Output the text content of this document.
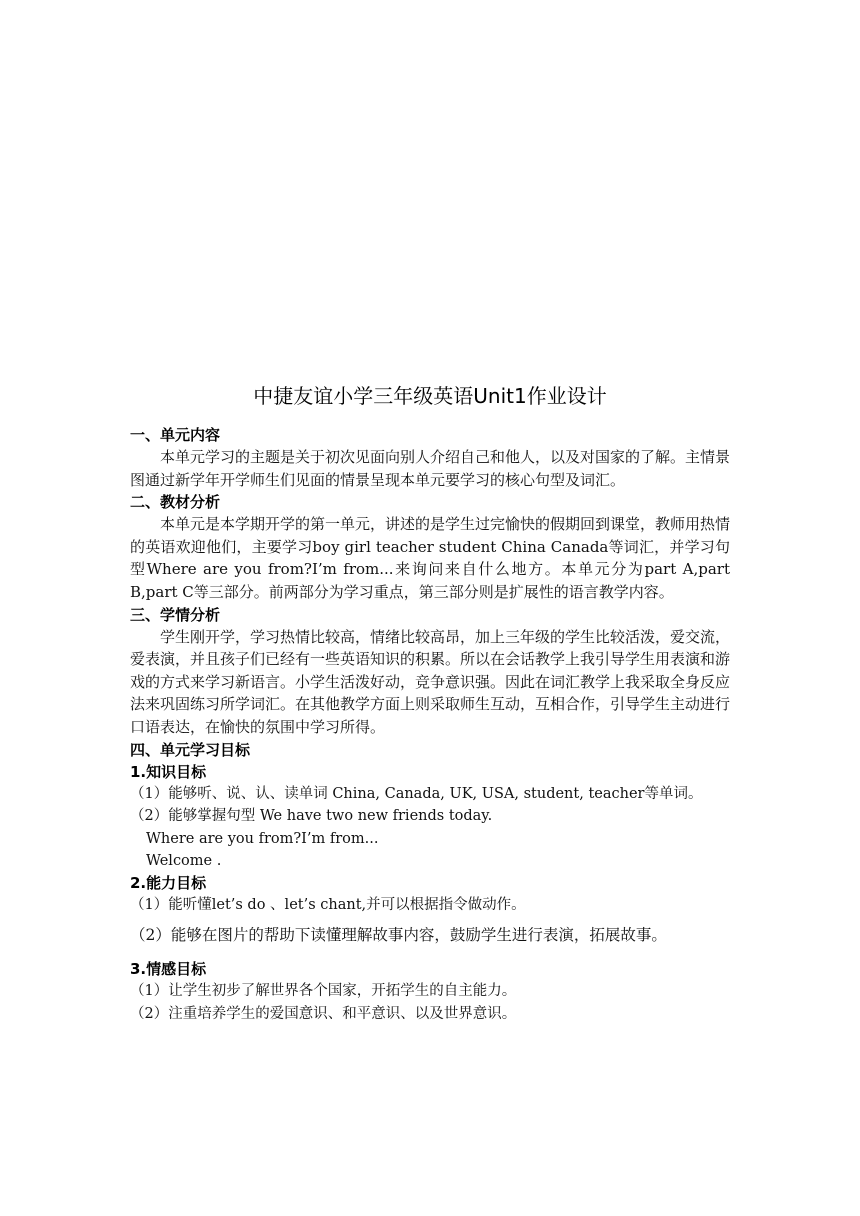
中捷友谊小学三年级英语Unit1作业设计
一、单元内容

本单元学习的主题是关于初次见面向别人介绍自己和他人，以及对国家的了解。主情景图通过新学年开学师生们见面的情景呈现本单元要学习的核心句型及词汇。

二、教材分析

本单元是本学期开学的第一单元，讲述的是学生过完愉快的假期回到课堂，教师用热情的英语欢迎他们，主要学习boy girl teacher student China Canada等词汇，并学习句型Where are you from?I’m from...来询问来自什么地方。本单元分为part A,part B,part C等三部分。前两部分为学习重点，第三部分则是扩展性的语言教学内容。

三、学情分析

学生刚开学，学习热情比较高，情绪比较高昂，加上三年级的学生比较活泼，爱交流，爱表演，并且孩子们已经有一些英语知识的积累。所以在会话教学上我引导学生用表演和游戏的方式来学习新语言。小学生活泼好动，竞争意识强。因此在词汇教学上我采取全身反应法来巩固练习所学词汇。在其他教学方面上则采取师生互动，互相合作，引导学生主动进行口语表达，在愉快的氛围中学习所得。

四、单元学习目标
1.知识目标

（1）能够听、说、认、读单词 China, Canada, UK, USA, student, teacher等单词。

（2）能够掌握句型 We have two new friends today.

Where are you from?I’m from...

Welcome .

2.能力目标

（1）能听懂let’s do 、let’s chant,并可以根据指令做动作。

（2）能够在图片的帮助下读懂理解故事内容，鼓励学生进行表演，拓展故事。

3.情感目标

（1）让学生初步了解世界各个国家，开拓学生的自主能力。

（2）注重培养学生的爱国意识、和平意识、以及世界意识。
